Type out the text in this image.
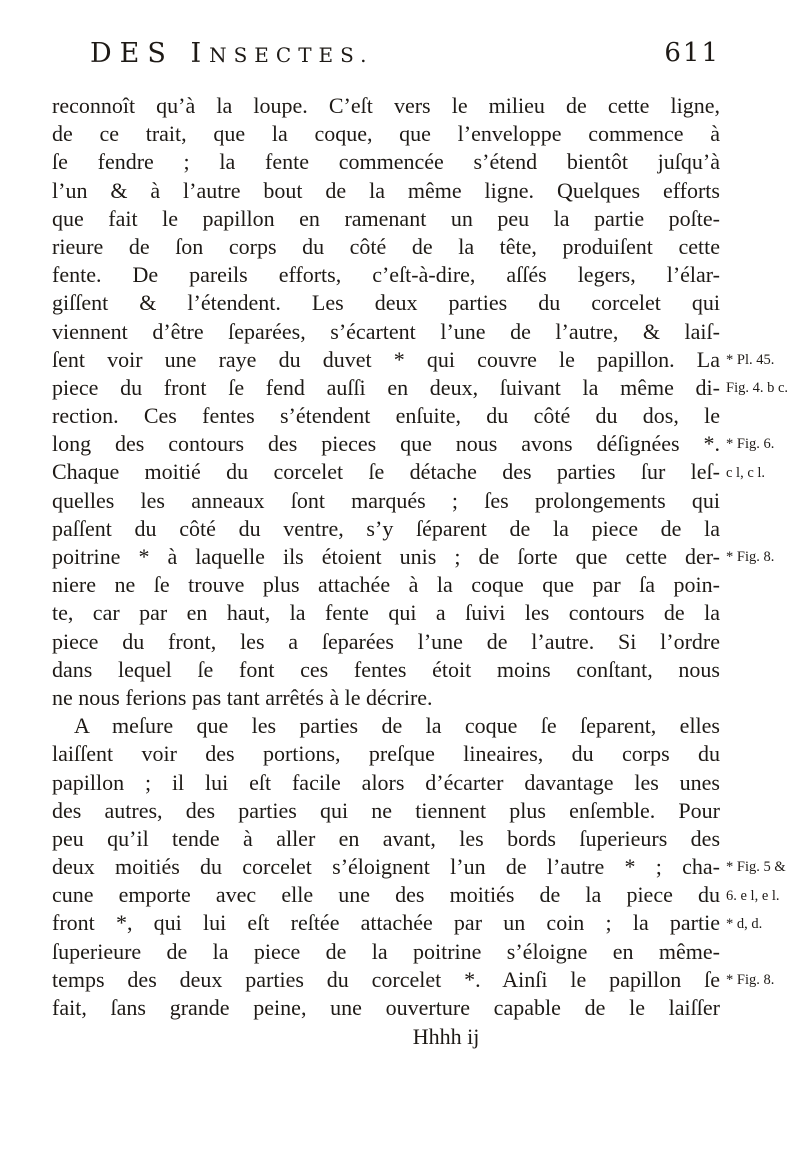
DES INSECTES.	611
reconnoît qu’à la loupe. C’eſt vers le milieu de cette ligne,
de ce trait, que la coque, que l’enveloppe commence à
ſe fendre ; la fente commencée s’étend bientôt juſqu’à
l’un & à l’autre bout de la même ligne. Quelques efforts
que fait le papillon en ramenant un peu la partie poſte-
rieure de ſon corps du côté de la tête, produiſent cette
fente. De pareils efforts, c’eſt-à-dire, aſſés legers, l’élar-
giſſent & l’étendent. Les deux parties du corcelet qui
viennent d’être ſeparées, s’écartent l’une de l’autre, & laiſ-
ſent voir une raye du duvet * qui couvre le papillon. La
piece du front ſe fend auſſi en deux, ſuivant la même di-
rection. Ces fentes s’étendent enſuite, du côté du dos, le
long des contours des pieces que nous avons déſignées *.
Chaque moitié du corcelet ſe détache des parties ſur leſ-
quelles les anneaux ſont marqués ; ſes prolongements qui
paſſent du côté du ventre, s’y ſéparent de la piece de la
poitrine * à laquelle ils étoient unis ; de ſorte que cette der-
niere ne ſe trouve plus attachée à la coque que par ſa poin-
te, car par en haut, la fente qui a ſuivi les contours de la
piece du front, les a ſeparées l’une de l’autre. Si l’ordre
dans lequel ſe font ces fentes étoit moins conſtant, nous
ne nous ferions pas tant arrêtés à le décrire.
A meſure que les parties de la coque ſe ſeparent, elles
laiſſent voir des portions, preſque lineaires, du corps du
papillon ; il lui eſt facile alors d’écarter davantage les unes
des autres, des parties qui ne tiennent plus enſemble. Pour
peu qu’il tende à aller en avant, les bords ſuperieurs des
deux moitiés du corcelet s’éloignent l’un de l’autre * ; cha-
cune emporte avec elle une des moitiés de la piece du
front *, qui lui eſt reſtée attachée par un coin ; la partie
ſuperieure de la piece de la poitrine s’éloigne en même-
temps des deux parties du corcelet *. Ainſi le papillon ſe
fait, ſans grande peine, une ouverture capable de le laiſſer
Hhhh ij
* Pl. 45.
Fig. 4. b c.
* Fig. 6.
c l, c l.
* Fig. 8.
* Fig. 5 &
6. e l, e l.
* d, d.
* Fig. 8.
